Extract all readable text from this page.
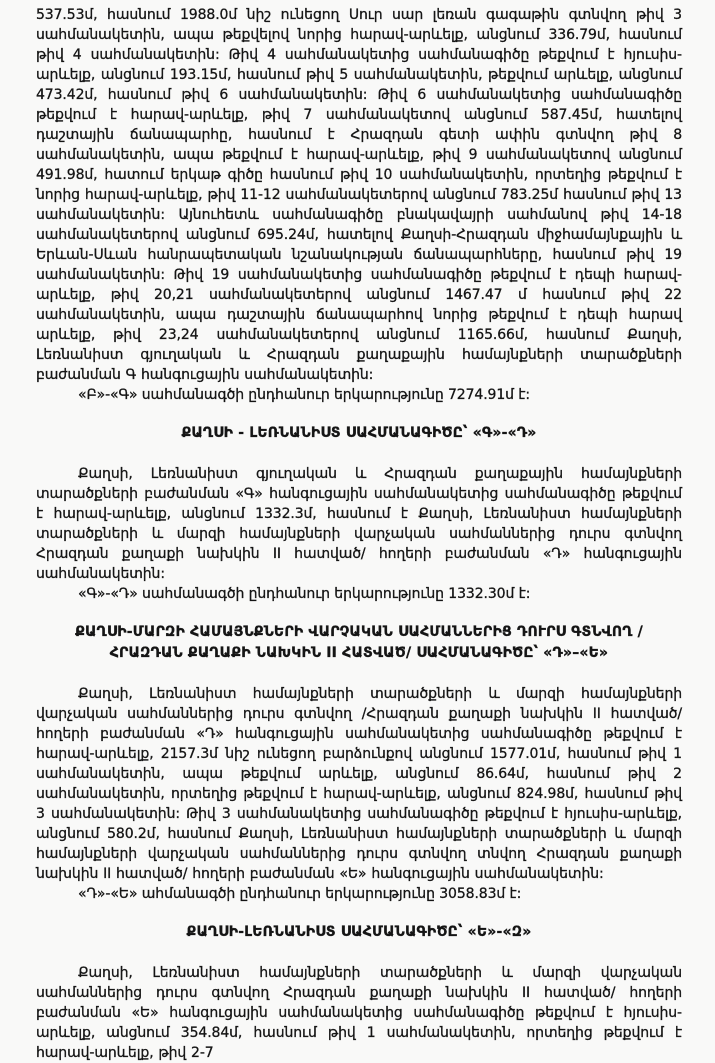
537.53մ, հասնում 1988.0մ նիշ ունեցող Սուր սար լեռան գագաթին գտնվող թիվ 3 սահմանակետին, ապա թեքվելով նորից հարավ-արևելք, անցնում 336.79մ, հասնում թիվ 4 սահմանակետին: Թիվ 4 սահմանակետից սահմանագիծը թեքվում է հյուսիս-արևելք, անցնում 193.15մ, հասնում թիվ 5 սահմանակետին, թեքվում արևելք, անցնում 473.42մ, հասնում թիվ 6 սահմանակետին: Թիվ 6 սահմանակետից սահմանագիծը թեքվում է հարավ-արևելք, թիվ 7 սահմանակետով անցնում 587.45մ, հատելով դաշտային ճանապարհը, հասնում է Հրազդան գետի ափին գտնվող թիվ 8 սահմանակետին, ապա թեքվում է հարավ-արևելք, թիվ 9 սահմանակետով անցնում 491.98մ, հատում երկաթ գիծը հասնում թիվ 10 սահմանակետին, որտեղից թեքվում է նորից հարավ-արևելք, թիվ 11-12 սահմանակետերով անցնում 783.25մ հասնում թիվ 13 սահմանակետին: Այնուհետև սահմանագիծը բնակավայրի սահմանով թիվ 14-18 սահմանակետերով անցնում 695.24մ, հատելով Քաղսի-Հրազդան միջհամայնքային և Երևան-Սևան հանրապետական նշանակության ճանապարհները, հասնում թիվ 19 սահմանակետին: Թիվ 19 սահմանակետից սահմանագիծը թեքվում է դեպի հարավ-արևելք, թիվ 20,21 սահմանակետերով անցնում 1467.47 մ հասնում թիվ 22 սահմանակետին, ապա դաշտային ճանապարհով նորից թեքվում է դեպի հարավ արևելք, թիվ 23,24 սահմանակետերով անցնում 1165.66մ, հասնում Քաղսի, Լեռնանիստ գյուղական և Հրազդան քաղաքային համայնքների տարածքների բաժանման Գ հանգուցային սահմանակետին:

«Բ»-«Գ» սահմանագծի ընդհանուր երկարությունը 7274.91մ է:

ՔԱՂՍԻ - ԼԵՌՆԱՆԻՍՏ ՍԱՀՄԱՆԱԳԻԾԸ՝ «Գ»-«Դ»

Քաղսի, Լեռնանիստ գյուղական և Հրազդան քաղաքային համայնքների տարածքների բաժանման «Գ» հանգուցային սահմանակետից սահմանագիծը թեքվում է հարավ-արևելք, անցնում 1332.3մ, հասնում է Քաղսի, Լեռնանիստ համայնքների տարածքների և մարզի համայնքների վարչական սահմաններից դուրս գտնվող Հրազդան քաղաքի նախկին II հատված/ հողերի բաժանման «Դ» հանգուցային սահմանակետին:

«Գ»-«Դ» սահմանագծի ընդհանուր երկարությունը 1332.30մ է:

ՔԱՂՍԻ-ՄԱՐԶԻ ՀԱՄԱՅՆՔՆԵՐԻ ՎԱՐՉԱԿԱՆ ՍԱՀՄԱՆՆԵՐԻՑ ԴՈՒՐՍ ԳՏՆՎՈՂ /ՀՐԱԶԴԱՆ ՔԱՂԱՔԻ ՆԱԽԿԻՆ II ՀԱՏՎԱԾ/ ՍԱՀՄԱՆԱԳԻԾԸ՝ «Դ»–«Ե»

Քաղսի, Լեռնանիստ համայնքների տարածքների և մարզի համայնքների վարչական սահմաններից դուրս գտնվող /Հրազդան քաղաքի նախկին II հատված/ հողերի բաժանման «Դ» հանգուցային սահմանակետից սահմանագիծը թեքվում է հարավ-արևելք, 2157.3մ նիշ ունեցող բարձունքով անցնում 1577.01մ, հասնում թիվ 1 սահմանակետին, ապա թեքվում արևելք, անցնում 86.64մ, հասնում թիվ 2 սահմանակետին, որտեղից թեքվում է հարավ-արևելք, անցնում 824.98մ, հասնում թիվ 3 սահմանակետին: Թիվ 3 սահմանակետից սահմանագիծը թեքվում է հյուսիս-արևելք, անցնում 580.2մ, հասնում Քաղսի, Լեռնանիստ համայնքների տարածքների և մարզի համայնքների վարչական սահմաններից դուրս գտնվող տնվող Հրազդան քաղաքի նախկին II հատված/ հողերի բաժանման «Ե» հանգուցային սահմանակետին:

«Դ»-«Ե» ահմանագծի ընդհանուր երկարությունը 3058.83մ է:

ՔԱՂՍԻ-ԼԵՌՆԱՆԻՍՏ ՍԱՀՄԱՆԱԳԻԾԸ՝ «Ե»-«Զ»

Քաղսի, Լեռնանիստ համայնքների տարածքների և մարզի վարչական սահմաններից դուրս գտնվող Հրազդան քաղաքի նախկին II հատված/ հողերի բաժանման «Ե» հանգուցային սահմանակետից սահմանագիծը թեքվում է հյուսիս-արևելք, անցնում 354.84մ, հասնում թիվ 1 սահմանակետին, որտեղից թեքվում է հարավ-արևելք, թիվ 2-7
